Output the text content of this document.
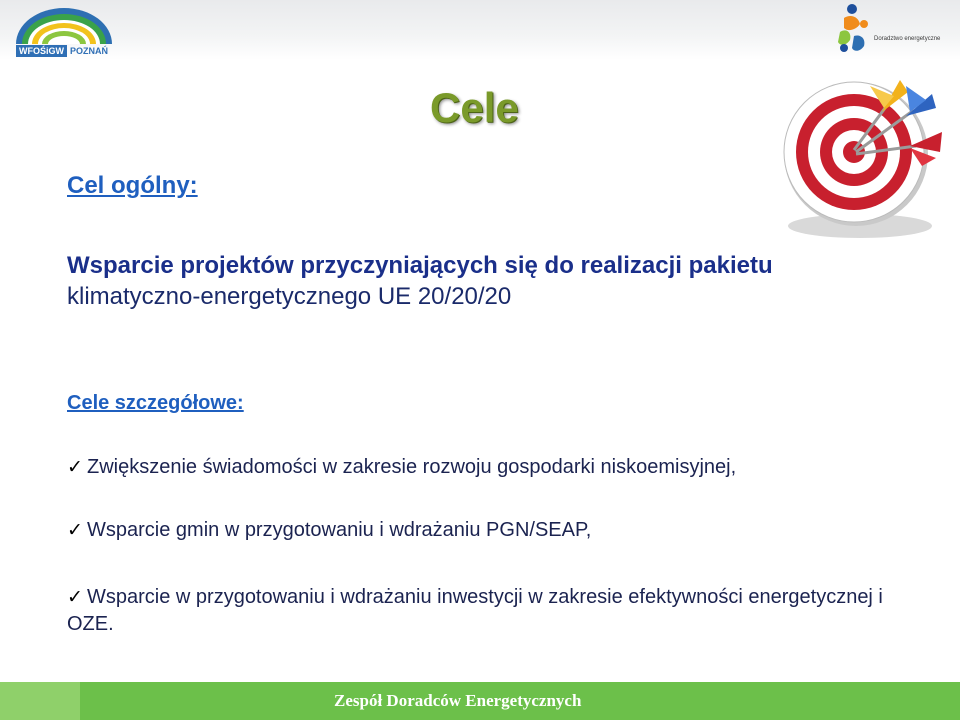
WFOŚiGW POZNAŃ
Doradztwo energetyczne
Cele
Cel ogólny:
Wsparcie projektów przyczyniających się do realizacji pakietu
klimatyczno-energetycznego UE 20/20/20
Cele szczegółowe:

✓ Zwiększenie świadomości w zakresie rozwoju gospodarki niskoemisyjnej,

✓ Wsparcie gmin w przygotowaniu i wdrażaniu PGN/SEAP,

✓ Wsparcie w przygotowaniu i wdrażaniu inwestycji w zakresie efektywności energetycznej i OZE.

Zespół Doradców Energetycznych
